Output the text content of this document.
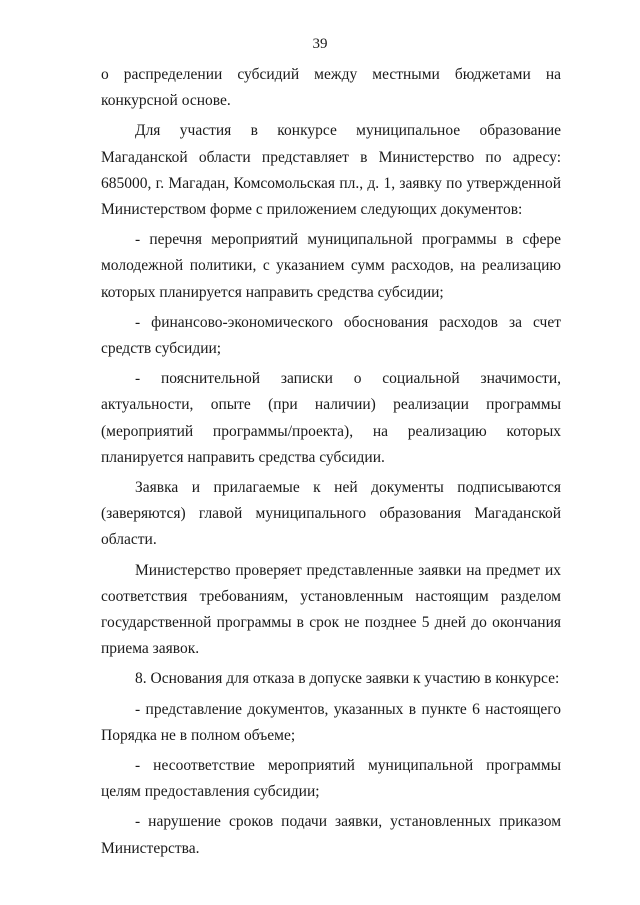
39

о распределении субсидий между местными бюджетами на конкурсной основе.

Для участия в конкурсе муниципальное образование Магаданской области представляет в Министерство по адресу: 685000, г. Магадан, Комсомольская пл., д. 1, заявку по утвержденной Министерством форме с приложением следующих документов:

- перечня мероприятий муниципальной программы в сфере молодежной политики, с указанием сумм расходов, на реализацию которых планируется направить средства субсидии;

- финансово-экономического обоснования расходов за счет средств субсидии;

- пояснительной записки о социальной значимости, актуальности, опыте (при наличии) реализации программы (мероприятий программы/проекта), на реализацию которых планируется направить средства субсидии.

Заявка и прилагаемые к ней документы подписываются (заверяются) главой муниципального образования Магаданской области.

Министерство проверяет представленные заявки на предмет их соответствия требованиям, установленным настоящим разделом государственной программы в срок не позднее 5 дней до окончания приема заявок.

8. Основания для отказа в допуске заявки к участию в конкурсе:

- представление документов, указанных в пункте 6 настоящего Порядка не в полном объеме;

- несоответствие мероприятий муниципальной программы целям предоставления субсидии;

- нарушение сроков подачи заявки, установленных приказом Министерства.
